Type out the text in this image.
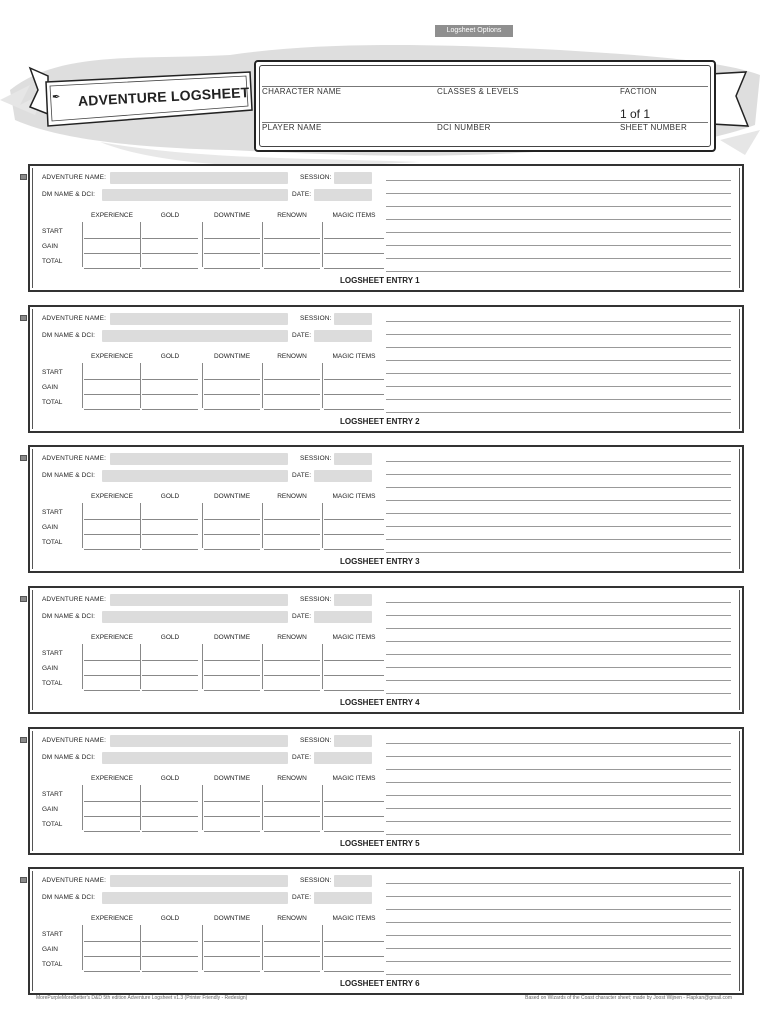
Logsheet Options
✒ ADVENTURE LOGSHEET CHARACTER NAME	CLASSES & LEVELS	FACTION
1 of 1
PLAYER NAME	DCI NUMBER	SHEET NUMBER
ADVENTURE NAME:	SESSION:
DM NAME & DCI:	DATE:
EXPERIENCE	GOLD	DOWNTIME	RENOWN	MAGIC ITEMS
START
GAIN
TOTAL
LOGSHEET ENTRY 1
ADVENTURE NAME:	SESSION:
DM NAME & DCI:	DATE:
EXPERIENCE	GOLD	DOWNTIME	RENOWN	MAGIC ITEMS
START
GAIN
TOTAL
LOGSHEET ENTRY 2
ADVENTURE NAME:	SESSION:
DM NAME & DCI:	DATE:
EXPERIENCE	GOLD	DOWNTIME	RENOWN	MAGIC ITEMS
START
GAIN
TOTAL
LOGSHEET ENTRY 3
ADVENTURE NAME:	SESSION:
DM NAME & DCI:	DATE:
EXPERIENCE	GOLD	DOWNTIME	RENOWN	MAGIC ITEMS
START
GAIN
TOTAL
LOGSHEET ENTRY 4
ADVENTURE NAME:	SESSION:
DM NAME & DCI:	DATE:
EXPERIENCE	GOLD	DOWNTIME	RENOWN	MAGIC ITEMS
START
GAIN
TOTAL
LOGSHEET ENTRY 5
ADVENTURE NAME:	SESSION:
DM NAME & DCI:	DATE:
EXPERIENCE	GOLD	DOWNTIME	RENOWN	MAGIC ITEMS
START
GAIN
TOTAL
LOGSHEET ENTRY 6
MorePurpleMoreBetter's D&D 5th edition Adventure Logsheet v1.3 (Printer Friendly - Redesign)	Based on Wizards of the Coast character sheet; made by Joost Wijnen - Flapkan@gmail.com
